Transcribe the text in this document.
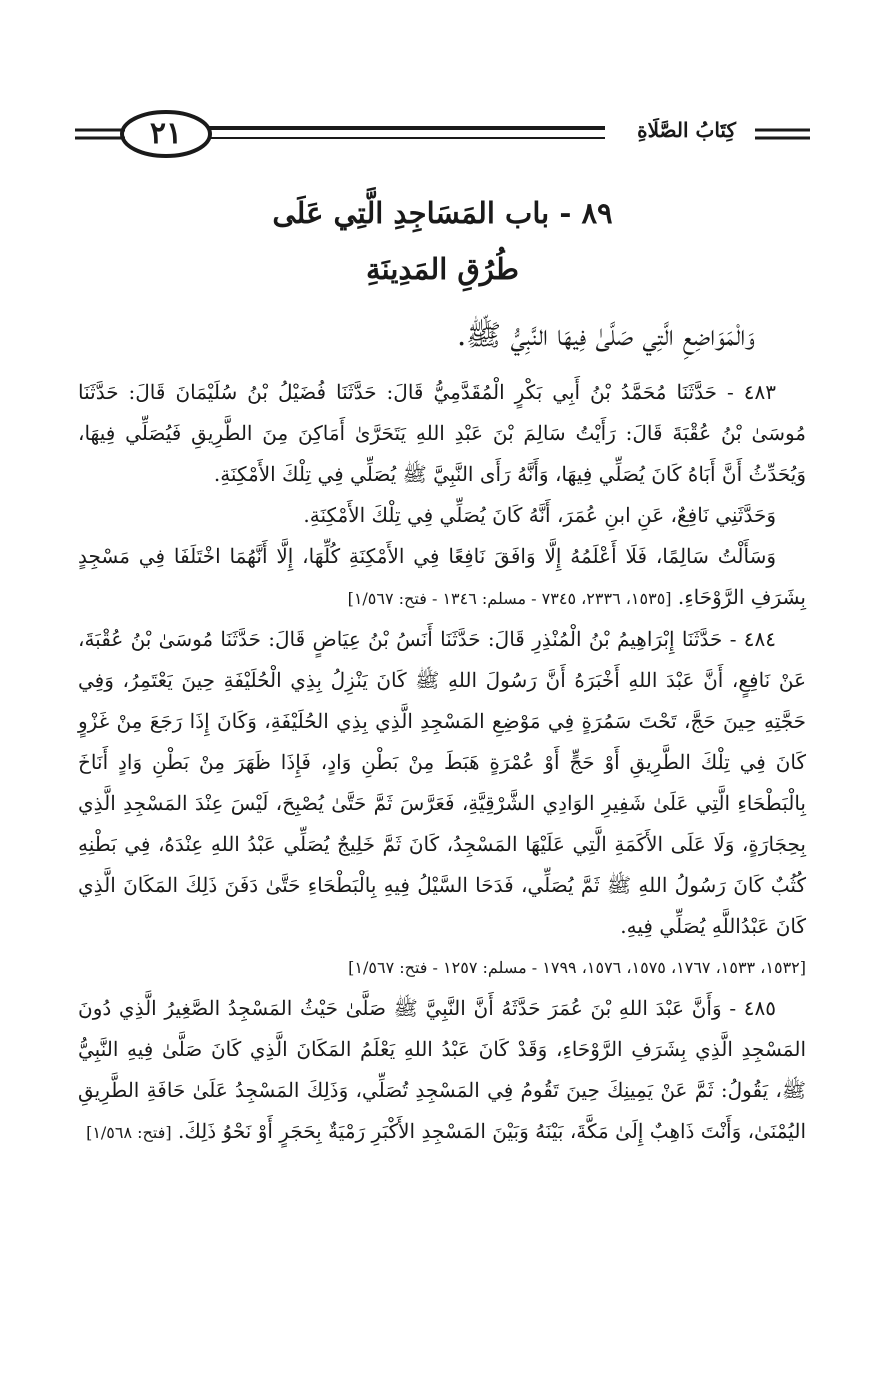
٢١	كِتَابُ الصَّلَاةِ
٨٩ - باب المَسَاجِدِ الَّتِي عَلَى
طُرُقِ المَدِينَةِ
وَالْمَوَاضِعِ الَّتِي صَلَّىٰ فِيهَا النَّبِيُّ ﷺ.

٤٨٣ - حَدَّثَنَا مُحَمَّدُ بْنُ أَبِي بَكْرٍ الْمُقَدَّمِيُّ قَالَ: حَدَّثَنَا فُضَيْلُ بْنُ سُلَيْمَانَ قَالَ: حَدَّثَنَا مُوسَىٰ بْنُ عُقْبَةَ قَالَ: رَأَيْتُ سَالِمَ بْنَ عَبْدِ اللهِ يَتَحَرَّىٰ أَمَاكِنَ مِنَ الطَّرِيقِ فَيُصَلِّي فِيهَا، وَيُحَدِّثُ أَنَّ أَبَاهُ كَانَ يُصَلِّي فِيهَا، وَأَنَّهُ رَأَى النَّبِيَّ ﷺ يُصَلِّي فِي تِلْكَ الأَمْكِنَةِ.

وَحَدَّثَنِي نَافِعٌ، عَنِ ابنِ عُمَرَ، أَنَّهُ كَانَ يُصَلِّي فِي تِلْكَ الأَمْكِنَةِ.

وَسَأَلْتُ سَالِمًا، فَلَا أَعْلَمُهُ إِلَّا وَافَقَ نَافِعًا فِي الأَمْكِنَةِ كُلِّهَا، إِلَّا أَنَّهُمَا اخْتَلَفَا فِي مَسْجِدٍ بِشَرَفِ الرَّوْحَاءِ. [١٥٣٥، ٢٣٣٦، ٧٣٤٥ - مسلم: ١٣٤٦ - فتح: ١/٥٦٧]

٤٨٤ - حَدَّثَنَا إِبْرَاهِيمُ بْنُ الْمُنْذِرِ قَالَ: حَدَّثَنَا أَنَسُ بْنُ عِيَاضٍ قَالَ: حَدَّثَنَا مُوسَىٰ بْنُ عُقْبَةَ، عَنْ نَافِعٍ، أَنَّ عَبْدَ اللهِ أَخْبَرَهُ أَنَّ رَسُولَ اللهِ ﷺ كَانَ يَنْزِلُ بِذِي الْحُلَيْفَةِ حِينَ يَعْتَمِرُ، وَفِي حَجَّتِهِ حِينَ حَجَّ، تَحْتَ سَمُرَةٍ فِي مَوْضِعِ المَسْجِدِ الَّذِي بِذِي الحُلَيْفَةِ، وَكَانَ إِذَا رَجَعَ مِنْ غَزْوٍ كَانَ فِي تِلْكَ الطَّرِيقِ أَوْ حَجٍّ أَوْ عُمْرَةٍ هَبَطَ مِنْ بَطْنِ وَادٍ، فَإِذَا ظَهَرَ مِنْ بَطْنِ وَادٍ أَنَاخَ بِالْبَطْحَاءِ الَّتِي عَلَىٰ شَفِيرِ الوَادِي الشَّرْقِيَّةِ، فَعَرَّسَ ثَمَّ حَتَّىٰ يُصْبِحَ، لَيْسَ عِنْدَ المَسْجِدِ الَّذِي بِحِجَارَةٍ، وَلَا عَلَى الأَكَمَةِ الَّتِي عَلَيْهَا المَسْجِدُ، كَانَ ثَمَّ خَلِيجٌ يُصَلِّي عَبْدُ اللهِ عِنْدَهُ، فِي بَطْنِهِ كُثُبٌ كَانَ رَسُولُ اللهِ ﷺ ثَمَّ يُصَلِّي، فَدَحَا السَّيْلُ فِيهِ بِالْبَطْحَاءِ حَتَّىٰ دَفَنَ ذَلِكَ المَكَانَ الَّذِي كَانَ عَبْدُاللَّهِ يُصَلِّي فِيهِ.

[١٥٣٢، ١٥٣٣، ١٧٦٧، ١٥٧٥، ١٥٧٦، ١٧٩٩ - مسلم: ١٢٥٧ - فتح: ١/٥٦٧]

٤٨٥ - وَأَنَّ عَبْدَ اللهِ بْنَ عُمَرَ حَدَّثَهُ أَنَّ النَّبِيَّ ﷺ صَلَّىٰ حَيْثُ المَسْجِدُ الصَّغِيرُ الَّذِي دُونَ المَسْجِدِ الَّذِي بِشَرَفِ الرَّوْحَاءِ، وَقَدْ كَانَ عَبْدُ اللهِ يَعْلَمُ المَكَانَ الَّذِي كَانَ صَلَّىٰ فِيهِ النَّبِيُّ ﷺ، يَقُولُ: ثَمَّ عَنْ يَمِينِكَ حِينَ تَقُومُ فِي المَسْجِدِ تُصَلِّي، وَذَلِكَ المَسْجِدُ عَلَىٰ حَافَةِ الطَّرِيقِ اليُمْنَىٰ، وَأَنْتَ ذَاهِبٌ إِلَىٰ مَكَّةَ، بَيْنَهُ وَبَيْنَ المَسْجِدِ الأَكْبَرِ رَمْيَةٌ بِحَجَرٍ أَوْ نَحْوُ ذَلِكَ. [فتح: ١/٥٦٨]
